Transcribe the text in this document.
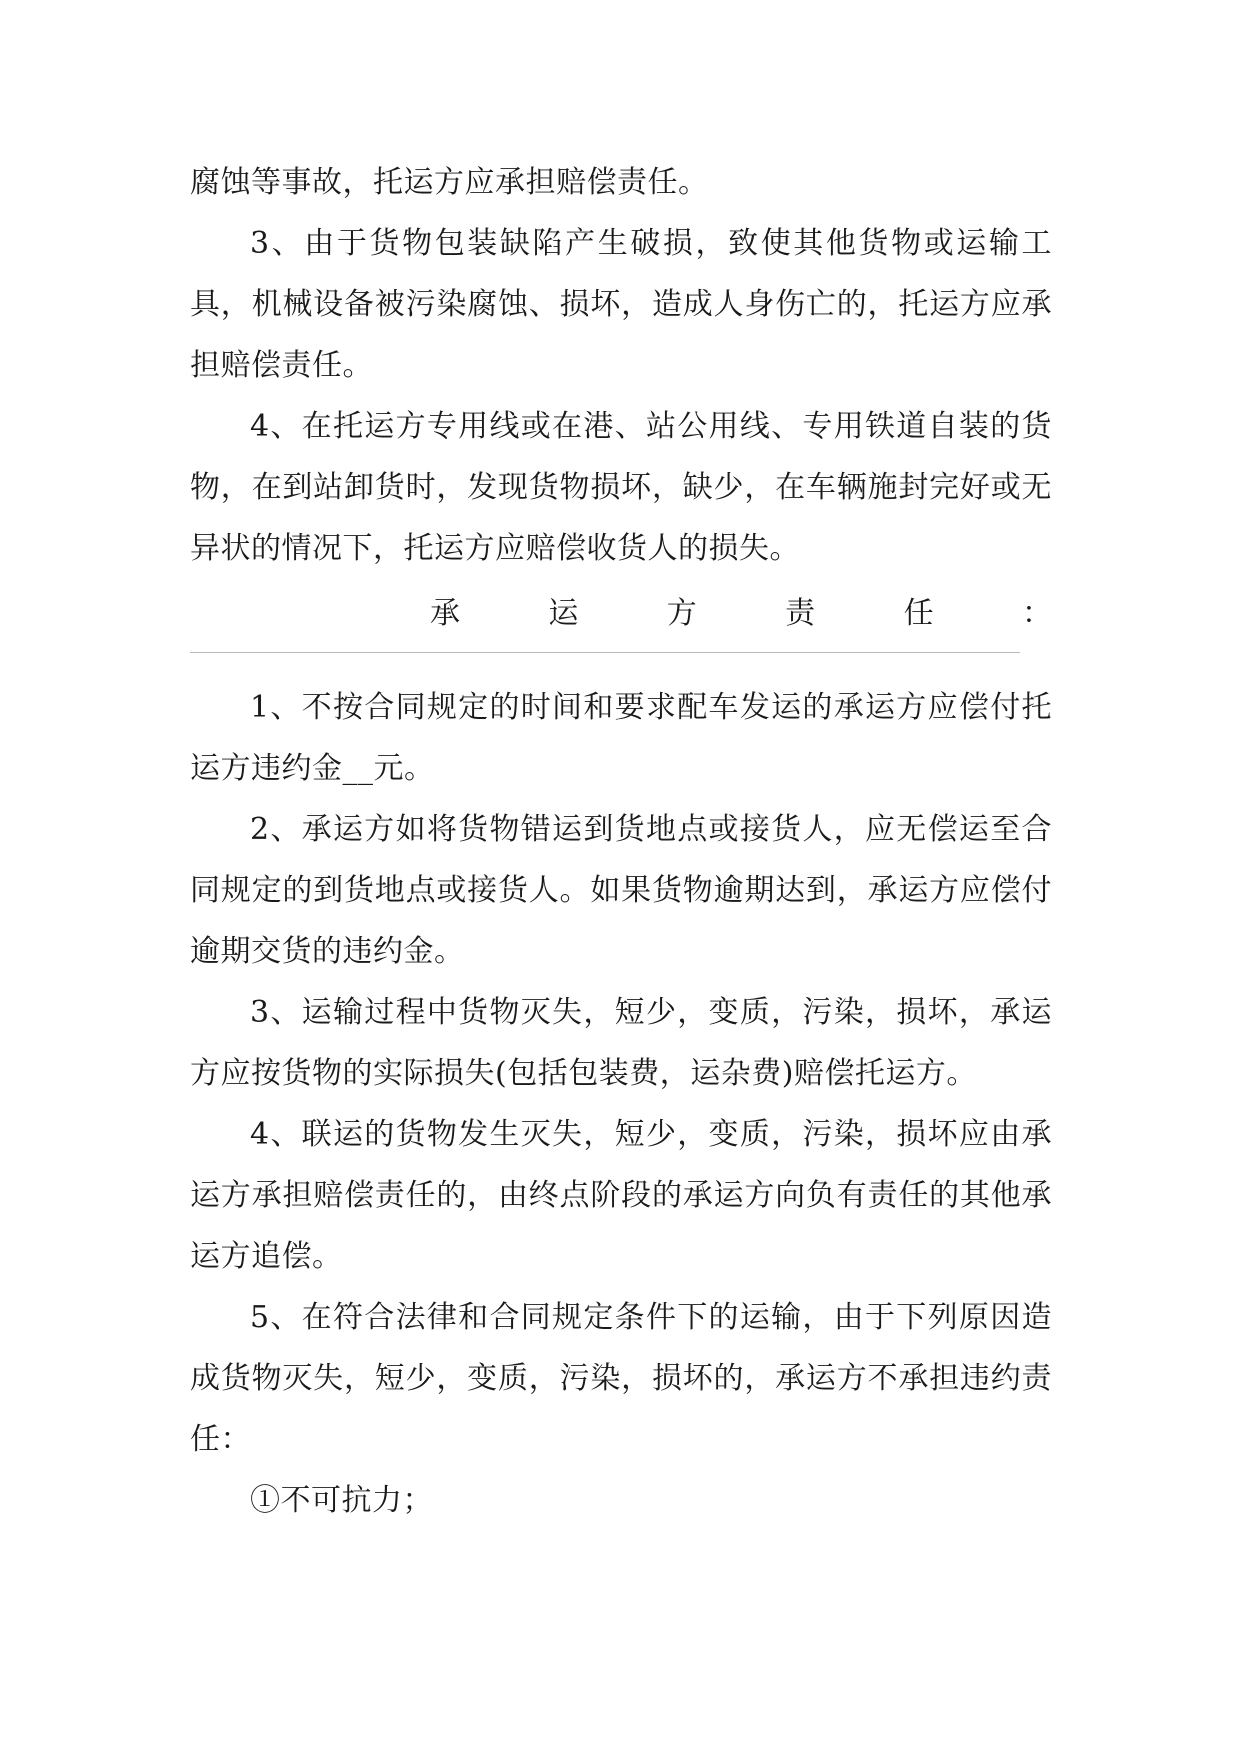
腐蚀等事故，托运方应承担赔偿责任。

3、由于货物包装缺陷产生破损，致使其他货物或运输工具，机械设备被污染腐蚀、损坏，造成人身伤亡的，托运方应承担赔偿责任。

4、在托运方专用线或在港、站公用线、专用铁道自装的货物，在到站卸货时，发现货物损坏，缺少，在车辆施封完好或无异状的情况下，托运方应赔偿收货人的损失。

承	运	方	责	任	：

1、不按合同规定的时间和要求配车发运的承运方应偿付托运方违约金__元。

2、承运方如将货物错运到货地点或接货人，应无偿运至合同规定的到货地点或接货人。如果货物逾期达到，承运方应偿付逾期交货的违约金。

3、运输过程中货物灭失，短少，变质，污染，损坏，承运方应按货物的实际损失(包括包装费，运杂费)赔偿托运方。

4、联运的货物发生灭失，短少，变质，污染，损坏应由承运方承担赔偿责任的，由终点阶段的承运方向负有责任的其他承运方追偿。

5、在符合法律和合同规定条件下的运输，由于下列原因造成货物灭失，短少，变质，污染，损坏的，承运方不承担违约责任：

①不可抗力；
